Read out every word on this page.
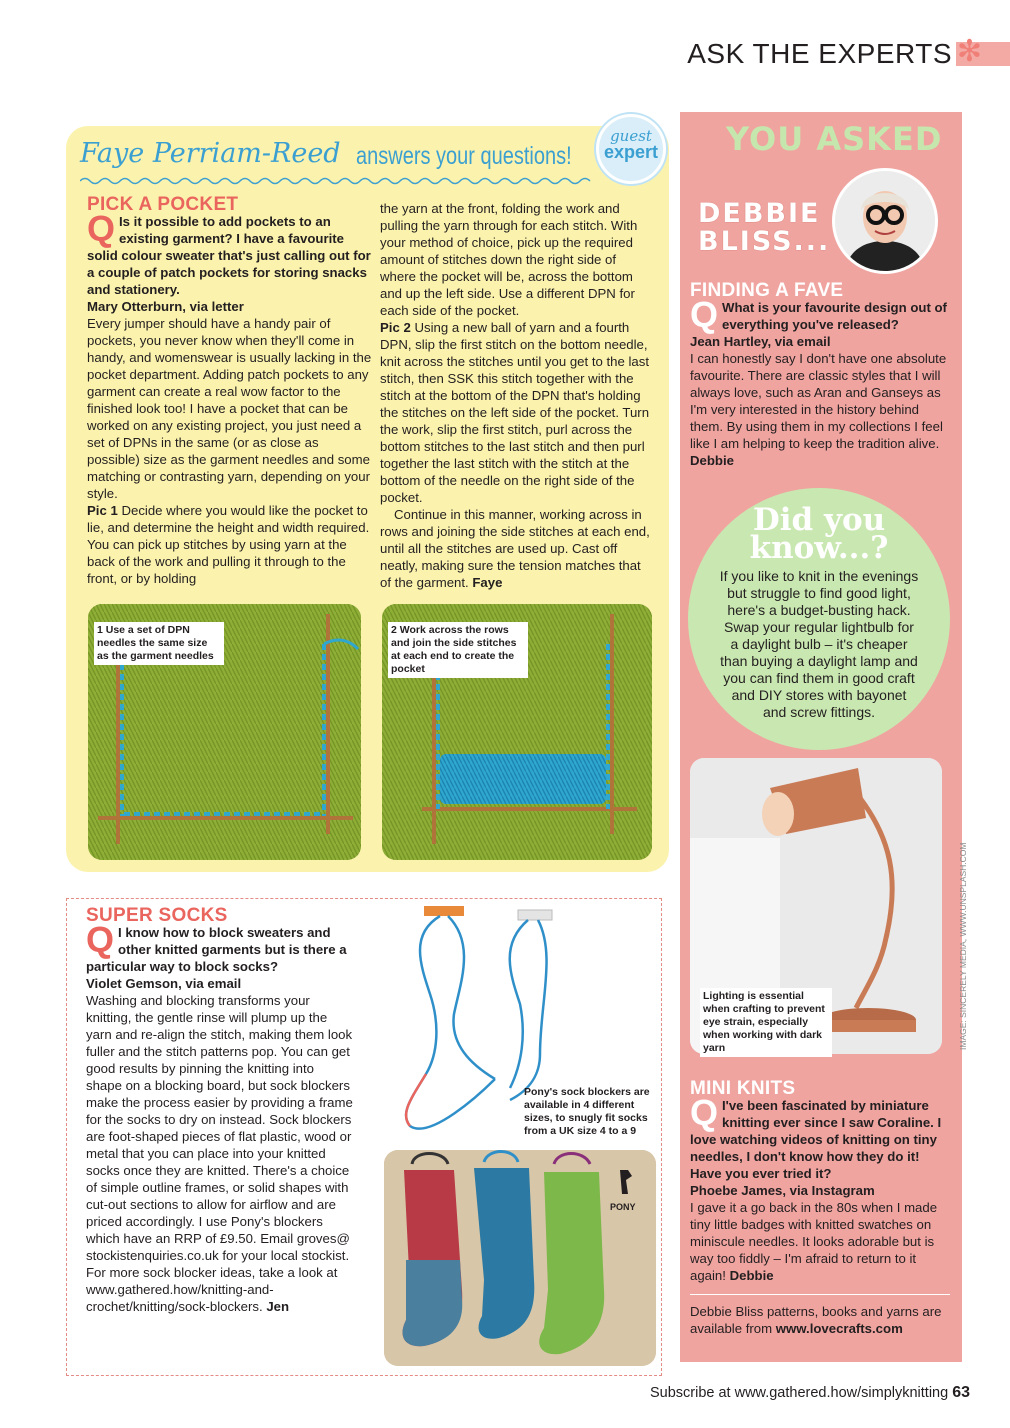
ASK THE EXPERTS ✻
Faye Perriam-Reed answers your questions!
guest
expert
PICK A POCKET
Q Is it possible to add pockets to an existing garment? I have a favourite solid colour sweater that's just calling out for a couple of patch pockets for storing snacks and stationery.
Mary Otterburn, via letter
Every jumper should have a handy pair of pockets, you never know when they'll come in handy, and womenswear is usually lacking in the pocket department. Adding patch pockets to any garment can create a real wow factor to the finished look too! I have a pocket that can be worked on any existing project, you just need a set of DPNs in the same (or as close as possible) size as the garment needles and some matching or contrasting yarn, depending on your style.
Pic 1 Decide where you would like the pocket to lie, and determine the height and width required. You can pick up stitches by using yarn at the back of the work and pulling it through to the front, or by holding
the yarn at the front, folding the work and pulling the yarn through for each stitch. With your method of choice, pick up the required amount of stitches down the right side of where the pocket will be, across the bottom and up the left side. Use a different DPN for each side of the pocket.
Pic 2 Using a new ball of yarn and a fourth DPN, slip the first stitch on the bottom needle, knit across the stitches until you get to the last stitch, then SSK this stitch together with the stitch at the bottom of the DPN that's holding the stitches on the left side of the pocket. Turn the work, slip the first stitch, purl across the bottom stitches to the last stitch and then purl together the last stitch with the stitch at the bottom of the needle on the right side of the pocket.
Continue in this manner, working across in rows and joining the side stitches at each end, until all the stitches are used up. Cast off neatly, making sure the tension matches that of the garment. Faye
1 Use a set of DPN needles the same size as the garment needles
2 Work across the rows and join the side stitches at each end to create the pocket
SUPER SOCKS
Q I know how to block sweaters and other knitted garments but is there a particular way to block socks?
Violet Gemson, via email
Washing and blocking transforms your knitting, the gentle rinse will plump up the yarn and re-align the stitch, making them look fuller and the stitch patterns pop. You can get good results by pinning the knitting into shape on a blocking board, but sock blockers make the process easier by providing a frame for the socks to dry on instead. Sock blockers are foot-shaped pieces of flat plastic, wood or metal that you can place into your knitted socks once they are knitted. There's a choice of simple outline frames, or solid shapes with cut-out sections to allow for airflow and are priced accordingly. I use Pony's blockers which have an RRP of £9.50. Email groves@ stockistenquiries.co.uk for your local stockist. For more sock blocker ideas, take a look at www.gathered.how/knitting-and-crochet/knitting/sock-blockers. Jen
Pony's sock blockers are available in 4 different sizes, to snugly fit socks from a UK size 4 to a 9
PONY
YOU ASKED
DEBBIE
BLISS...
FINDING A FAVE
Q What is your favourite design out of everything you've released?
Jean Hartley, via email
I can honestly say I don't have one absolute favourite. There are classic styles that I will always love, such as Aran and Ganseys as I'm very interested in the history behind them. By using them in my collections I feel like I am helping to keep the tradition alive. Debbie
Did you
know...?
If you like to knit in the evenings but struggle to find good light, here's a budget-busting hack. Swap your regular lightbulb for a daylight bulb – it's cheaper than buying a daylight lamp and you can find them in good craft and DIY stores with bayonet and screw fittings.
Lighting is essential when crafting to prevent eye strain, especially when working with dark yarn	IMAGE: SINCERELY MEDIA, WWW.UNSPLASH.COM
MINI KNITS
Q I've been fascinated by miniature knitting ever since I saw Coraline. I love watching videos of knitting on tiny needles, I don't know how they do it! Have you ever tried it?
Phoebe James, via Instagram
I gave it a go back in the 80s when I made tiny little badges with knitted swatches on miniscule needles. It looks adorable but is way too fiddly – I'm afraid to return to it again! Debbie
Debbie Bliss patterns, books and yarns are available from www.lovecrafts.com
Subscribe at www.gathered.how/simplyknitting 63
